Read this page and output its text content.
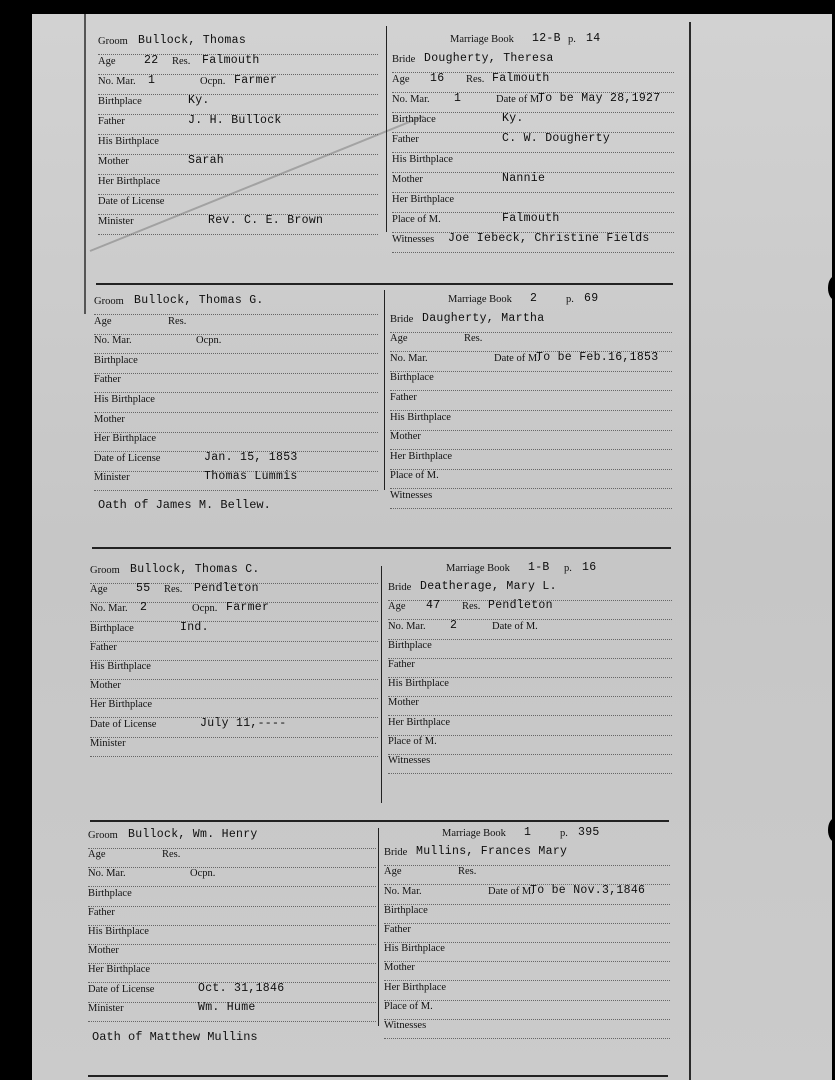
Groom Bullock, Thomas
Age 22 Res. Falmouth
No. Mar. 1	Ocpn. Farmer
Birthplace	Ky.
Father	J. H. Bullock
His Birthplace
Mother	Sarah
Her Birthplace
Date of License
Minister	Rev. C. E. Brown
Marriage Book 12-B p. 14
Bride Dougherty, Theresa
Age 16 Res. Falmouth
No. Mar. 1	Date of M.
To be May 28,1927
Birthplace	Ky.
Father	C. W. Dougherty
His Birthplace
Mother	Nannie
Her Birthplace
Place of M.	Falmouth
Witnesses Joe Iebeck, Christine Fields
Groom Bullock, Thomas G.
Age	Res.
No. Mar.	Ocpn.
Birthplace
Father
His Birthplace
Mother
Her Birthplace
Date of License	Jan. 15, 1853
Minister	Thomas Lummis
Marriage Book 2	p. 69
Bride Daugherty, Martha
Age	Res.
No. Mar.	Date of M.
To be Feb.16,1853
Birthplace
Father
His Birthplace
Mother
Her Birthplace
Place of M.
Witnesses
Oath of James M. Bellew.
Groom Bullock, Thomas C.
Age 55 Res. Pendleton
No. Mar. 2	Ocpn. Farmer
Birthplace	Ind.
Father
His Birthplace
Mother
Her Birthplace
Date of License	July 11,----
Minister
Marriage Book 1-B p. 16
Bride Deatherage, Mary L.
Age 47 Res. Pendleton
No. Mar. 2	Date of M.
Birthplace
Father
His Birthplace
Mother
Her Birthplace
Place of M.
Witnesses
Groom Bullock, Wm. Henry
Age	Res.
No. Mar.	Ocpn.
Birthplace
Father
His Birthplace
Mother
Her Birthplace
Date of License	Oct. 31,1846
Minister	Wm. Hume
Marriage Book 1	p. 395
Bride Mullins, Frances Mary
Age	Res.
No. Mar.	Date of M.
To be Nov.3,1846
Birthplace
Father
His Birthplace
Mother
Her Birthplace
Place of M.
Witnesses
Oath of Matthew Mullins
